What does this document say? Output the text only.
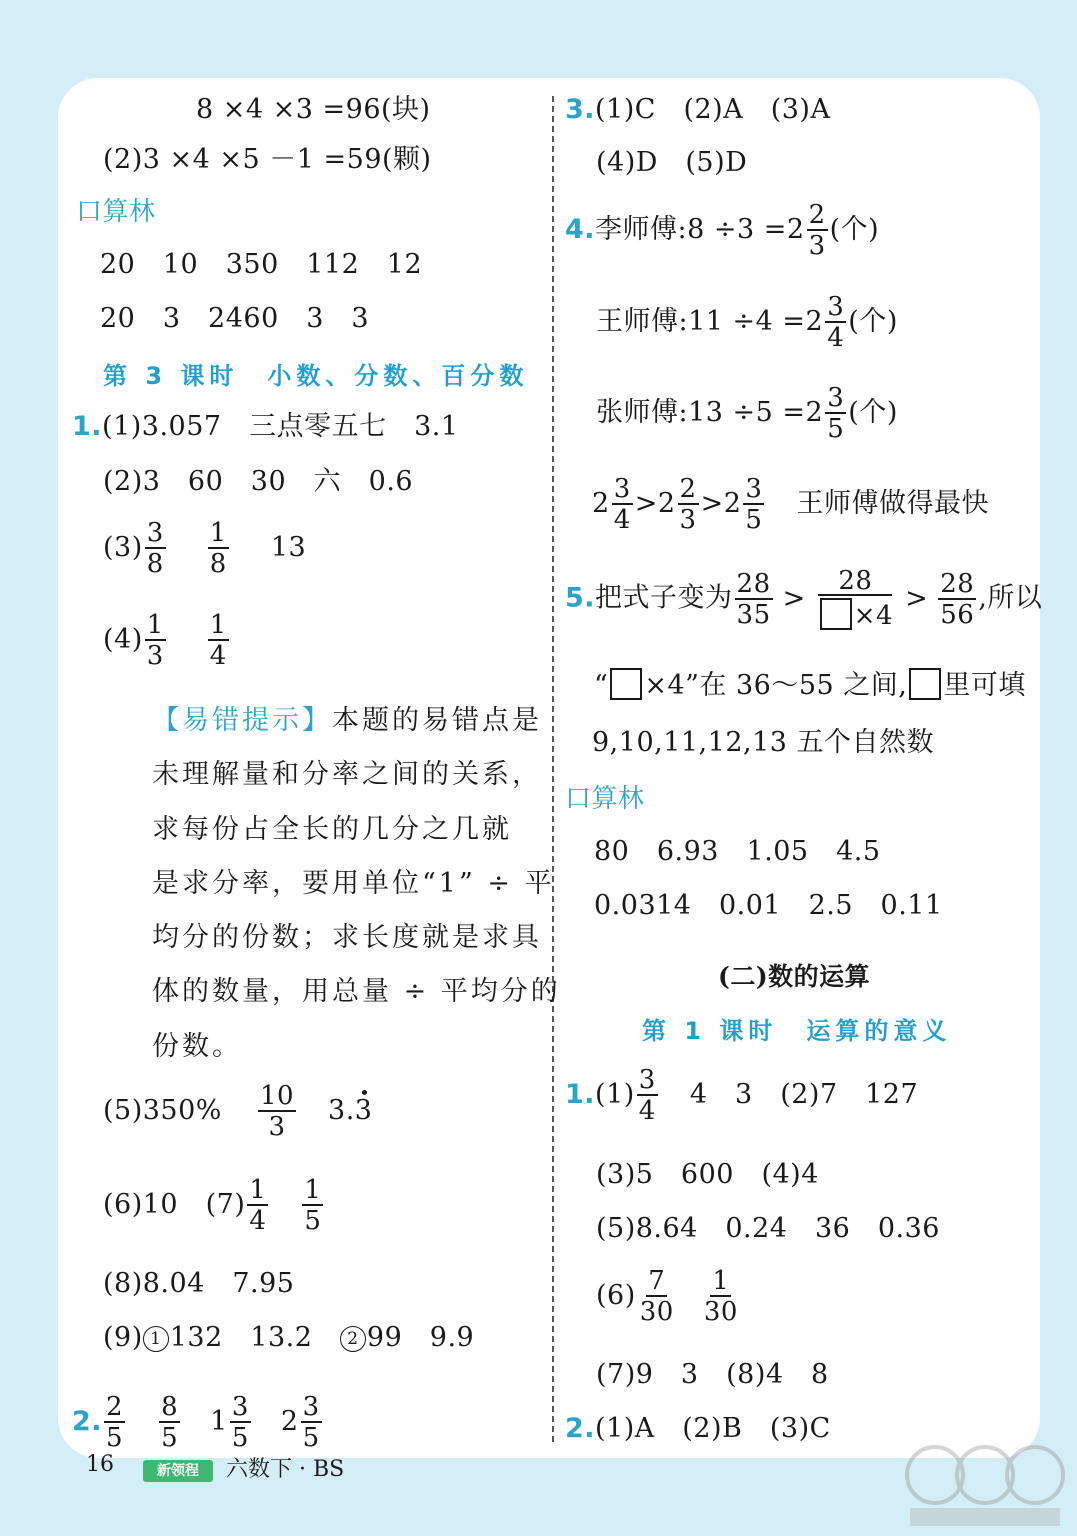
8 ×4 ×3 =96(块)
(2)3 ×4 ×5 －1 =59(颗)
口算林
20　10　350　112　12
20　3　2460　3　3
第 3 课时　小数、分数、百分数
1.(1)3.057　三点零五七　3.1
(2)3　60　30　六　0.6
$(3) \frac{3}{8} \frac{1}{8} 13$
$(4) \frac{1}{3} \frac{1}{4}$
【易错提示】本题的易错点是
未理解量和分率之间的关系，
求每份占全长的几分之几就
是求分率，要用单位“1” ÷ 平
均分的份数；求长度就是求具
体的数量，用总量 ÷ 平均分的
份数。
$(5)350\% \frac{10}{3} 3.3$
(6)10　$(7) \frac{1}{4} \frac{1}{5}$
(8)8.04　7.95
(9) 1 132　13.2　2 99　9.9
2. $\frac{2}{5} \frac{8}{5} 1 \frac{3}{5} 2 \frac{3}{5}$
3.(1)C　(2)A　(3)A
(4)D　(5)D
4.李师傅:8 $\div 3 =2 \frac{2}{3}$ (个)
王师傅:11 $\div 4 =2 \frac{3}{4}$ (个)
张师傅:13 $\div 5 =2 \frac{3}{5}$ (个)
$2 \frac{3}{4} >2 \frac{2}{3} >2 \frac{3}{5}$ 王师傅做得最快
5.把式子变为 $\frac{28}{35} > \frac{28}{\times 4} > \frac{28}{56}$ ,所以
“ ×4”在 36～55 之间, 里可填
9,10,11,12,13 五个自然数
口算林
80　6.93　1.05　4.5
0.0314　0.01　2.5　0.11
(二)数的运算
第 1 课时　运算的意义
$1.(1) \frac{3}{4} 4$　3　(2)7　127
(3)5　600　(4)4
(5)8.64　0.24　36　0.36
$(6) \frac{7}{30} \frac{1}{30}$
(7)9　3　(8)4　8
2.(1)A　(2)B　(3)C
16	新领程	六数下 · BS
